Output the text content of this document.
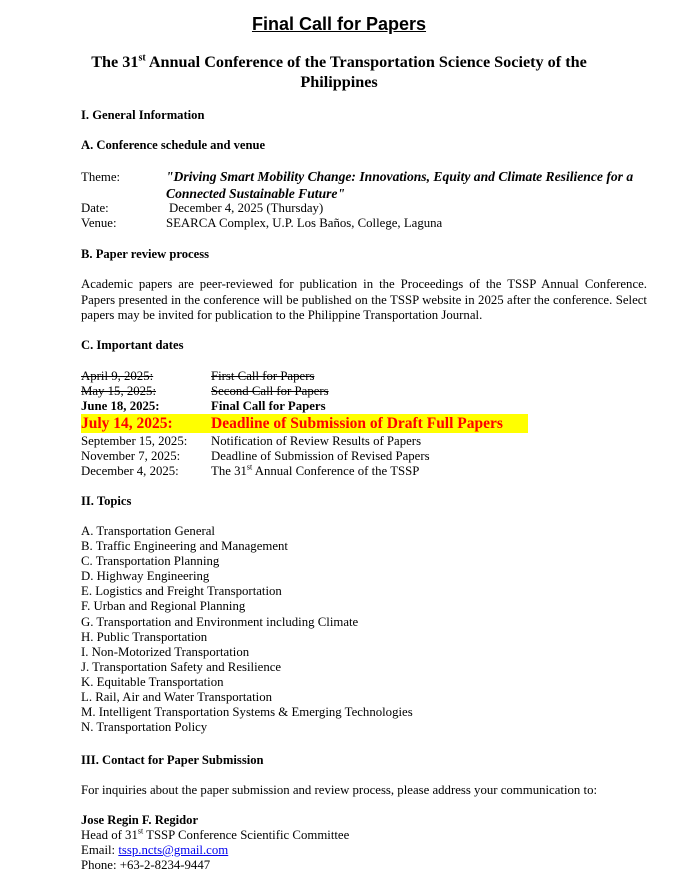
Final Call for Papers
The 31st Annual Conference of the Transportation Science Society of the Philippines
I. General Information
A. Conference schedule and venue
Theme:	"Driving Smart Mobility Change: Innovations, Equity and Climate Resilience for a Connected Sustainable Future"
Date:	December 4, 2025 (Thursday)
Venue:	SEARCA Complex, U.P. Los Baños, College, Laguna
B. Paper review process
Academic papers are peer-reviewed for publication in the Proceedings of the TSSP Annual Conference. Papers presented in the conference will be published on the TSSP website in 2025 after the conference. Select papers may be invited for publication to the Philippine Transportation Journal.
C. Important dates
April 9, 2025:	First Call for Papers
May 15, 2025:	Second Call for Papers
June 18, 2025:	Final Call for Papers
July 14, 2025: Deadline of Submission of Draft Full Papers
September 15, 2025: Notification of Review Results of Papers
November 7, 2025: Deadline of Submission of Revised Papers
December 4, 2025:	The 31st Annual Conference of the TSSP
II. Topics
A. Transportation General
B. Traffic Engineering and Management
C. Transportation Planning
D. Highway Engineering
E. Logistics and Freight Transportation
F. Urban and Regional Planning
G. Transportation and Environment including Climate
H. Public Transportation
I. Non-Motorized Transportation
J. Transportation Safety and Resilience
K. Equitable Transportation
L. Rail, Air and Water Transportation
M. Intelligent Transportation Systems & Emerging Technologies
N. Transportation Policy
III. Contact for Paper Submission
For inquiries about the paper submission and review process, please address your communication to:
Jose Regin F. Regidor
Head of 31st TSSP Conference Scientific Committee
Email: tssp.ncts@gmail.com
Phone: +63-2-8234-9447
